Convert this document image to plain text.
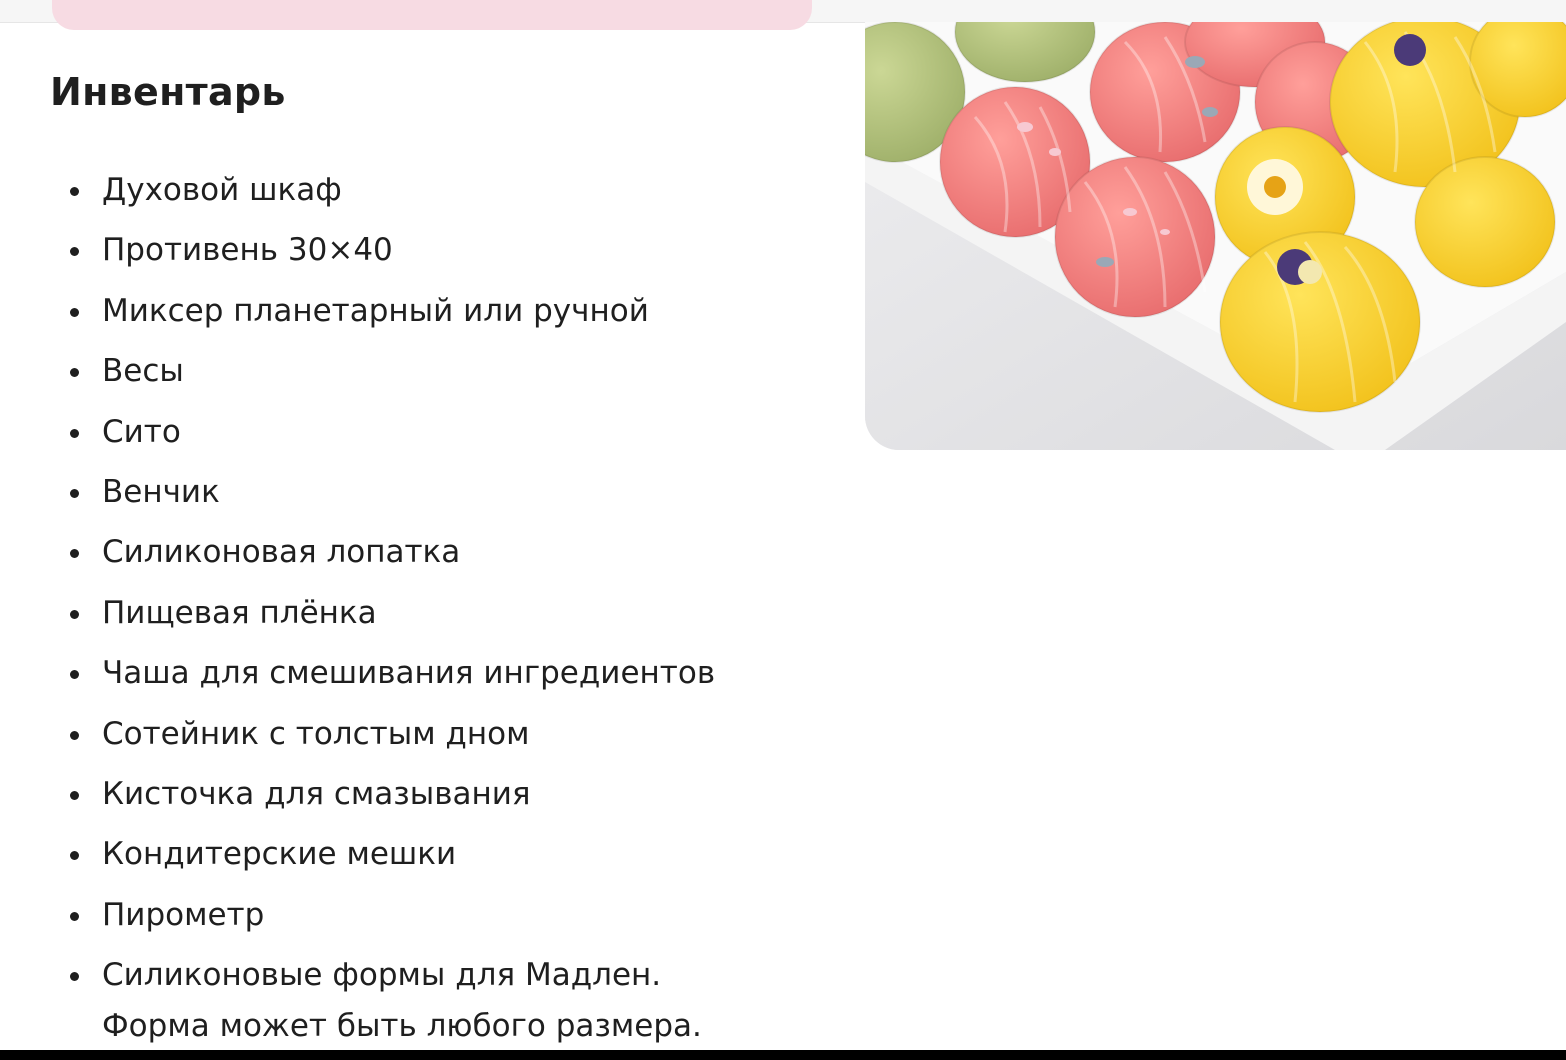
Инвентарь
Духовой шкаф
Противень 30×40
Миксер планетарный или ручной
Весы
Сито
Венчик
Силиконовая лопатка
Пищевая плёнка
Чаша для смешивания ингредиентов
Сотейник с толстым дном
Кисточка для смазывания
Кондитерские мешки
Пирометр
Силиконовые формы для Мадлен.
Форма может быть любого размера.
